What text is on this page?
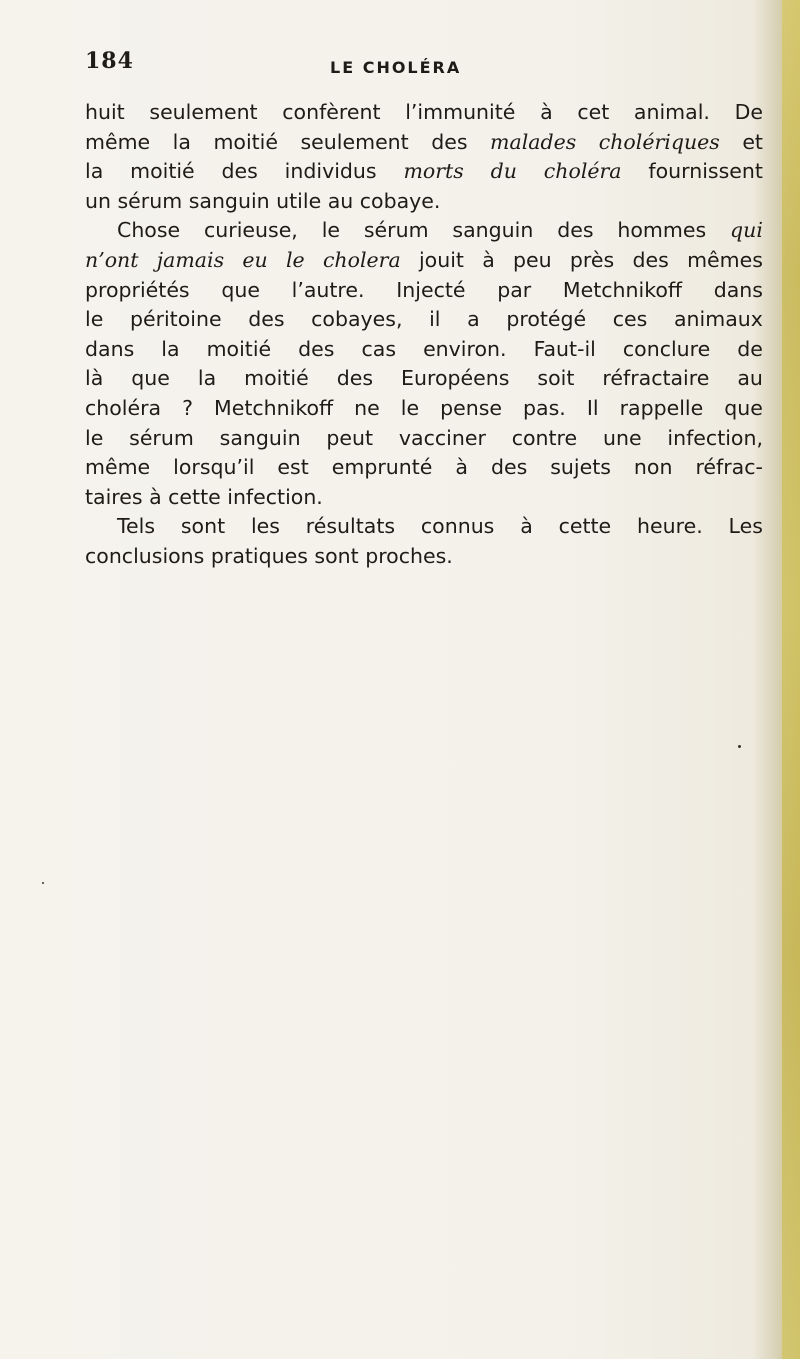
184	LE CHOLÉRA
huit seulement confèrent l’immunité à cet animal. De
même la moitié seulement des malades cholériques et
la moitié des individus morts du choléra fournissent
un sérum sanguin utile au cobaye.
Chose curieuse, le sérum sanguin des hommes qui
n’ont jamais eu le cholera jouit à peu près des mêmes
propriétés que l’autre. Injecté par Metchnikoff dans
le péritoine des cobayes, il a protégé ces animaux
dans la moitié des cas environ. Faut-il conclure de
là que la moitié des Européens soit réfractaire au
choléra ? Metchnikoff ne le pense pas. Il rappelle que
le sérum sanguin peut vacciner contre une infection,
même lorsqu’il est emprunté à des sujets non réfrac-
taires à cette infection.
Tels sont les résultats connus à cette heure. Les
conclusions pratiques sont proches.
